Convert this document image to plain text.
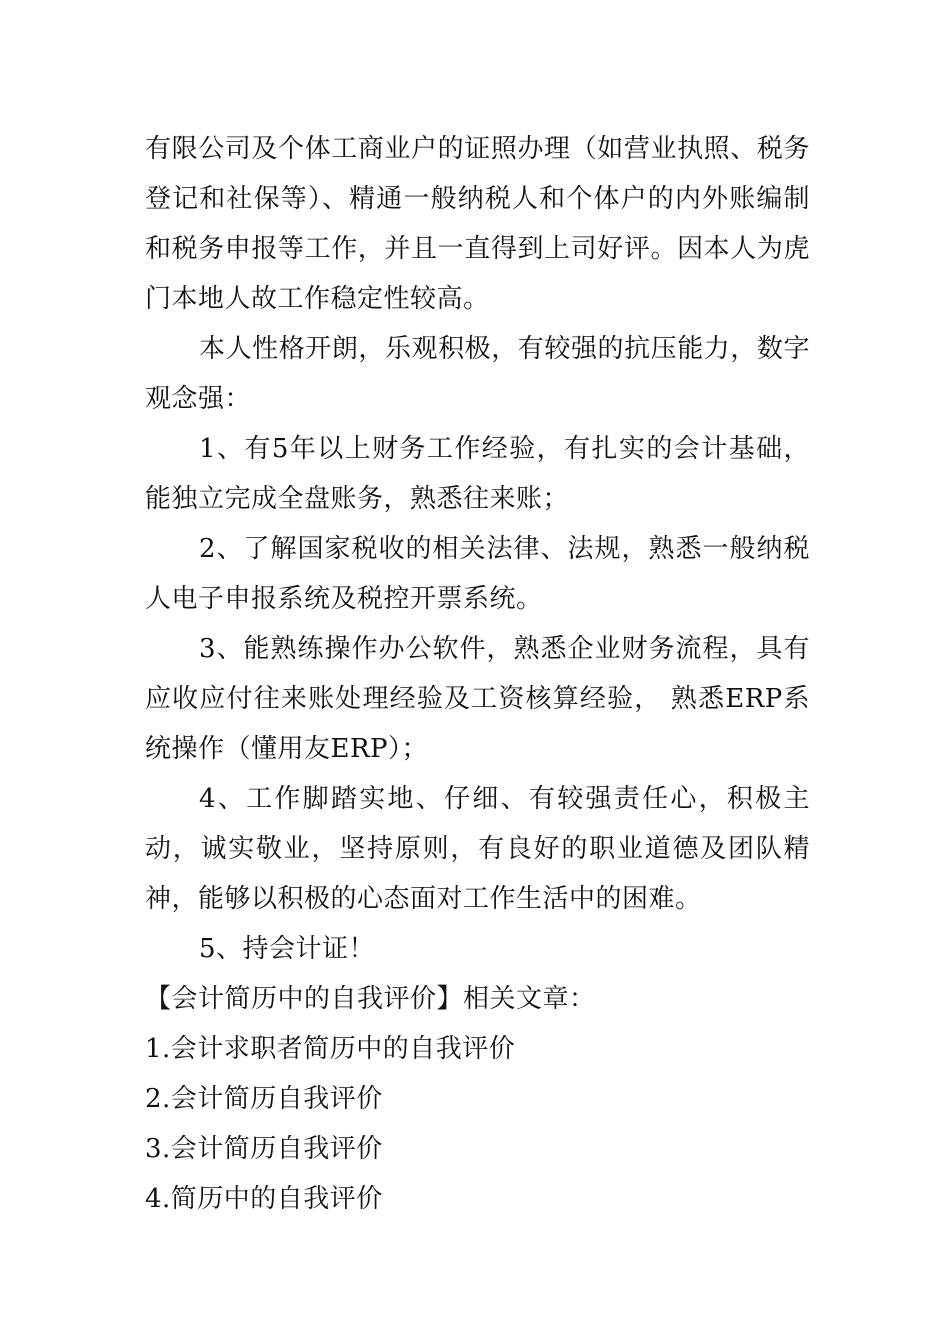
有限公司及个体工商业户的证照办理（如营业执照、税务登记和社保等）、精通一般纳税人和个体户的内外账编制和税务申报等工作，并且一直得到上司好评。因本人为虎门本地人故工作稳定性较高。

本人性格开朗，乐观积极，有较强的抗压能力，数字观念强：

1、有5年以上财务工作经验，有扎实的会计基础，能独立完成全盘账务，熟悉往来账；

2、了解国家税收的相关法律、法规，熟悉一般纳税人电子申报系统及税控开票系统。

3、能熟练操作办公软件，熟悉企业财务流程，具有应收应付往来账处理经验及工资核算经验， 熟悉ERP系统操作（懂用友ERP）；

4、工作脚踏实地、仔细、有较强责任心，积极主动，诚实敬业，坚持原则，有良好的职业道德及团队精神，能够以积极的心态面对工作生活中的困难。

5、持会计证！

【会计简历中的自我评价】相关文章：

1.会计求职者简历中的自我评价

2.会计简历自我评价

3.会计简历自我评价

4.简历中的自我评价
